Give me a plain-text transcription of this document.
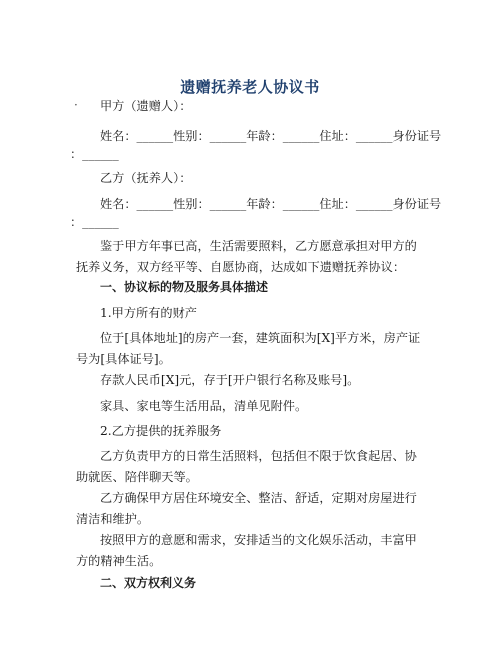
遗赠抚养老人协议书
·	甲方（遗赠人）：
姓名：______性别：______年龄：______住址：______身份证号
：______
乙方（抚养人）：
姓名：______性别：______年龄：______住址：______身份证号
：______
鉴于甲方年事已高，生活需要照料，乙方愿意承担对甲方的抚养义务，双方经平等、自愿协商，达成如下遗赠抚养协议：
一、协议标的物及服务具体描述
1.甲方所有的财产
位于[具体地址]的房产一套，建筑面积为[X]平方米，房产证号为[具体证号]。
存款人民币[X]元，存于[开户银行名称及账号]。
家具、家电等生活用品，清单见附件。
2.乙方提供的抚养服务
乙方负责甲方的日常生活照料，包括但不限于饮食起居、协助就医、陪伴聊天等。
乙方确保甲方居住环境安全、整洁、舒适，定期对房屋进行清洁和维护。
按照甲方的意愿和需求，安排适当的文化娱乐活动，丰富甲方的精神生活。
二、双方权利义务
